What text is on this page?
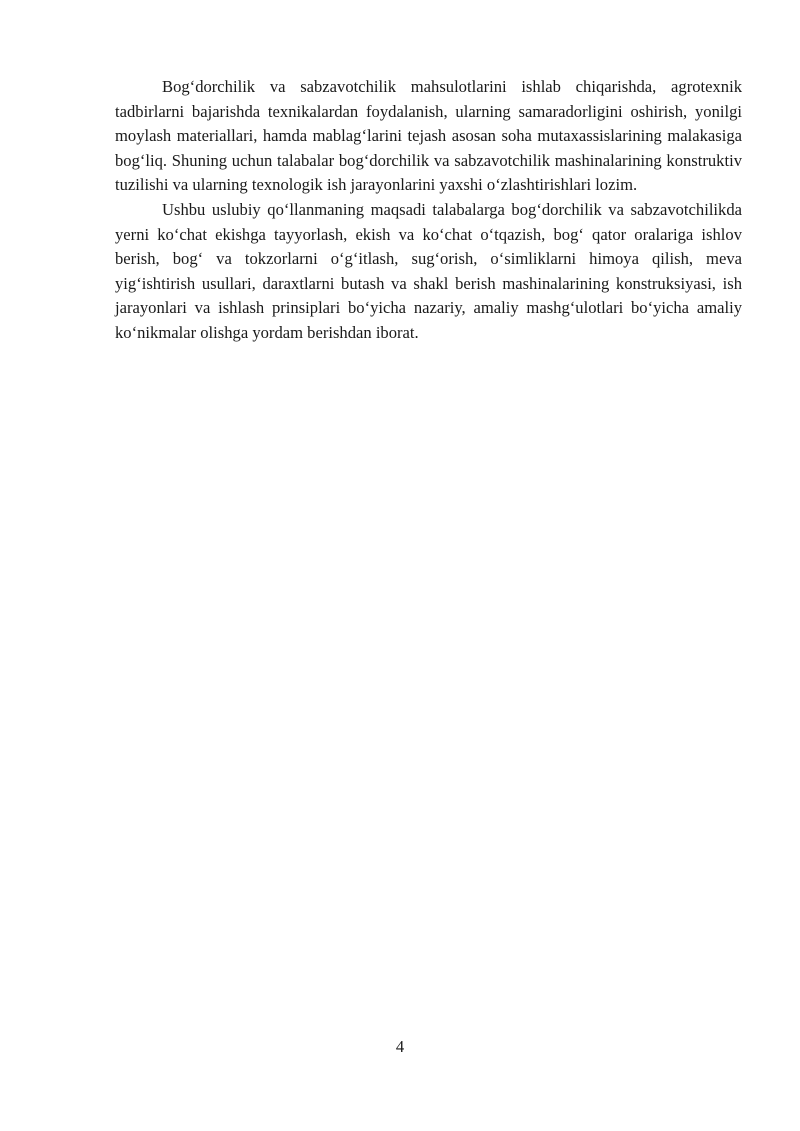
Bog‘dorchilik va sabzavotchilik mahsulotlarini ishlab chiqarishda, agrotexnik tadbirlarni bajarishda texnikalardan foydalanish, ularning samaradorligini oshirish, yonilgi moylash materiallari, hamda mablag‘larini tejash asosan soha mutaxassislarining malakasiga bog‘liq. Shuning uchun talabalar bog‘dorchilik va sabzavotchilik mashinalarining konstruktiv tuzilishi va ularning texnologik ish jarayonlarini yaxshi o‘zlashtirishlari lozim.

Ushbu uslubiy qo‘llanmaning maqsadi talabalarga bog‘dorchilik va sabzavotchilikda yerni ko‘chat ekishga tayyorlash, ekish va ko‘chat o‘tqazish, bog‘ qator oralariga ishlov berish, bog‘ va tokzorlarni o‘g‘itlash, sug‘orish, o‘simliklarni himoya qilish, meva yig‘ishtirish usullari, daraxtlarni butash va shakl berish mashinalarining konstruksiyasi, ish jarayonlari va ishlash prinsiplari bo‘yicha nazariy, amaliy mashg‘ulotlari bo‘yicha amaliy ko‘nikmalar olishga yordam berishdan iborat.

4
